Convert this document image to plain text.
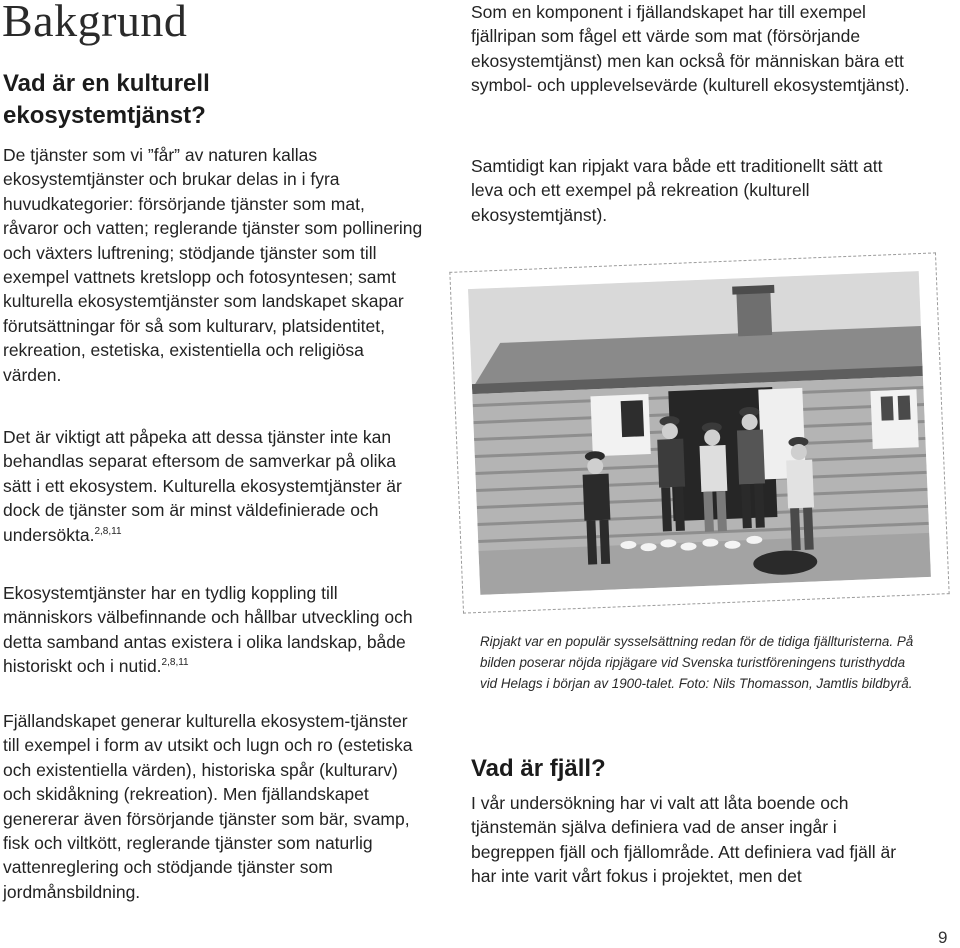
Bakgrund
Vad är en kulturell ekosystemtjänst?

De tjänster som vi ”får” av naturen kallas ekosystemtjänster och brukar delas in i fyra huvudkategorier: försörjande tjänster som mat, råvaror och vatten; reglerande tjänster som pollinering och växters luftrening; stödjande tjänster som till exempel vattnets kretslopp och fotosyntesen; samt kulturella ekosystemtjänster som landskapet skapar förutsättningar för så som kulturarv, platsidentitet, rekreation, estetiska, existentiella och religiösa värden.

Det är viktigt att påpeka att dessa tjänster inte kan behandlas separat eftersom de samverkar på olika sätt i ett ekosystem. Kulturella ekosystemtjänster är dock de tjänster som är minst väldefinierade och undersökta.$^{2,8,11}$

Ekosystemtjänster har en tydlig koppling till människors välbefinnande och hållbar utveckling och detta samband antas existera i olika landskap, både historiskt och i nutid.$^{2,8,11}$

Fjällandskapet generar kulturella ekosystem-tjänster till exempel i form av utsikt och lugn och ro (estetiska och existentiella värden), historiska spår (kulturarv) och skidåkning (rekreation). Men fjällandskapet genererar även försörjande tjänster som bär, svamp, fisk och viltkött, reglerande tjänster som naturlig vattenreglering och stödjande tjänster som jordmånsbildning.

Som en komponent i fjällandskapet har till exempel fjällripan som fågel ett värde som mat (försörjande ekosystemtjänst) men kan också för människan bära ett symbol- och upplevelsevärde (kulturell ekosystemtjänst).

Samtidigt kan ripjakt vara både ett traditionellt sätt att leva och ett exempel på rekreation (kulturell ekosystemtjänst).

Ripjakt var en populär sysselsättning redan för de tidiga fjällturisterna. På bilden poserar nöjda ripjägare vid Svenska turistföreningens turisthydda vid Helags i början av 1900-talet. Foto: Nils Thomasson, Jamtlis bildbyrå.

Vad är fjäll?

I vår undersökning har vi valt att låta boende och tjänstemän själva definiera vad de anser ingår i begreppen fjäll och fjällområde. Att definiera vad fjäll är har inte varit vårt fokus i projektet, men det

9
